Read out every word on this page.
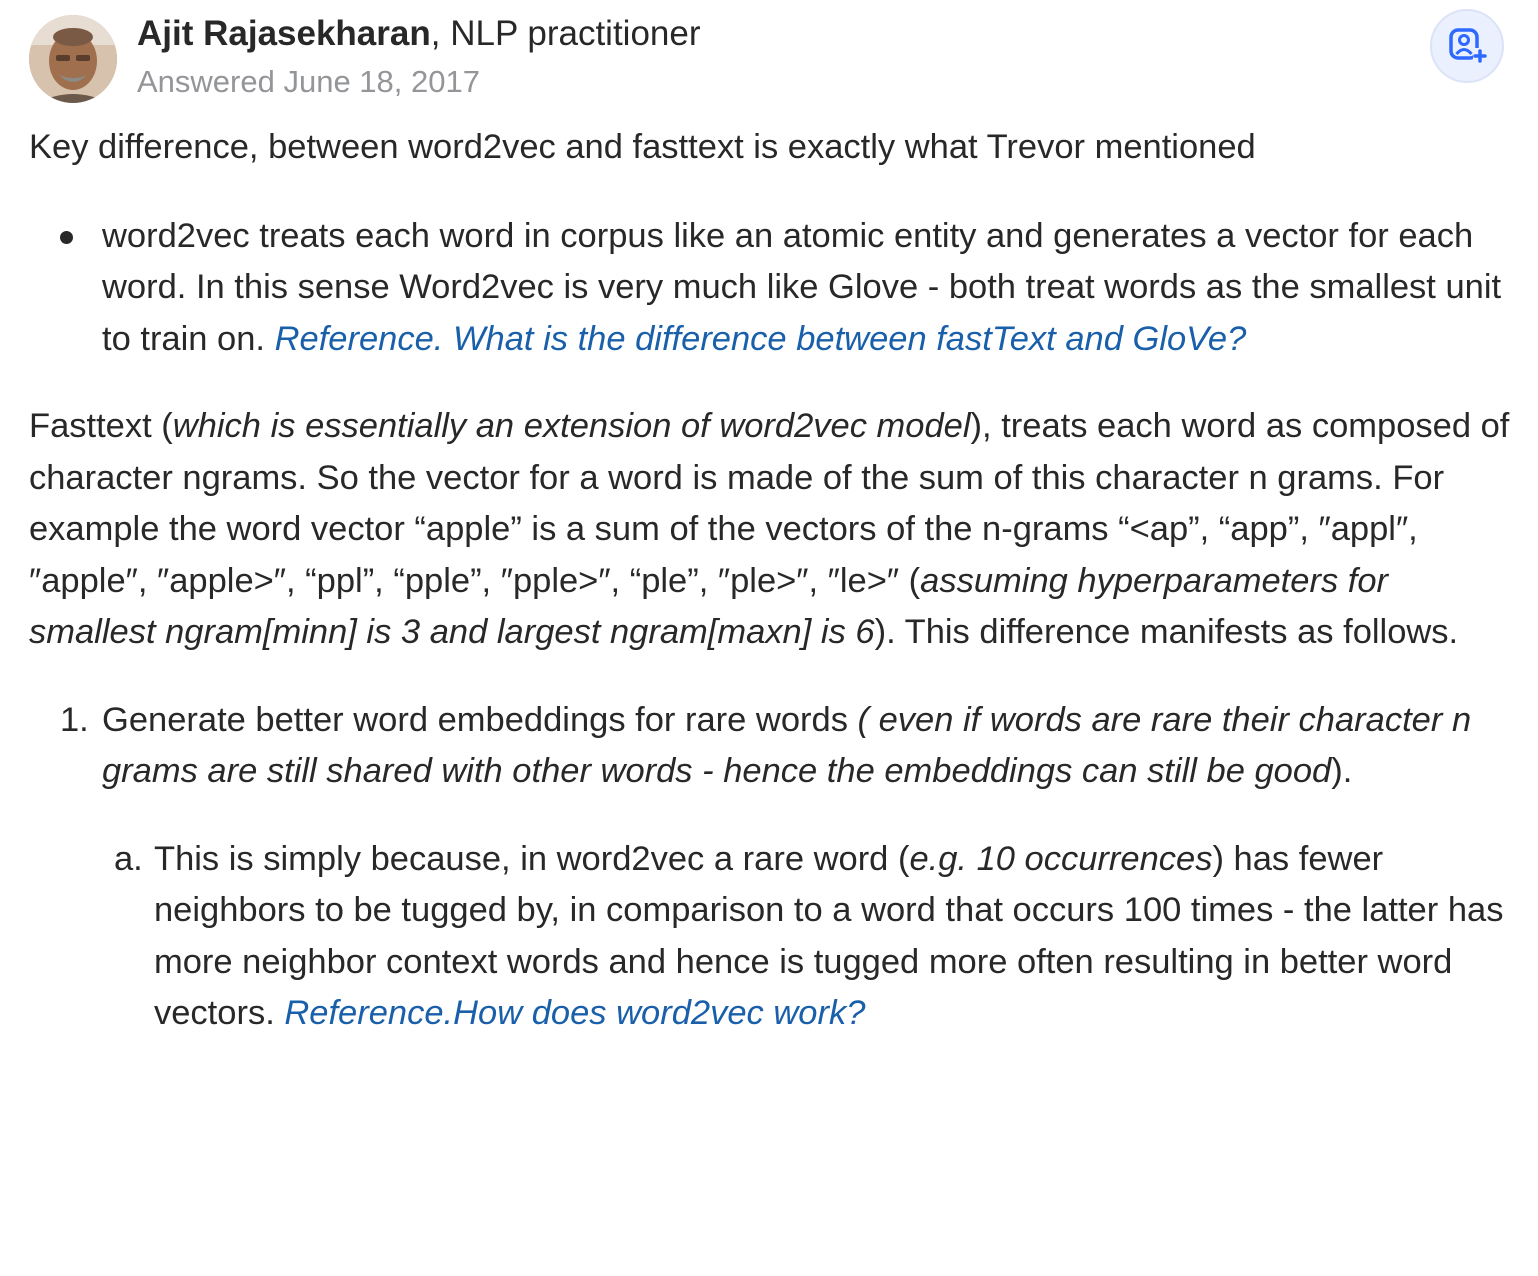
Ajit Rajasekharan, NLP practitioner
Answered June 18, 2017

Key difference, between word2vec and fasttext is exactly what Trevor mentioned

word2vec treats each word in corpus like an atomic entity and generates a vector for each word. In this sense Word2vec is very much like Glove - both treat words as the smallest unit to train on. Reference. What is the difference between fastText and GloVe?

Fasttext (which is essentially an extension of word2vec model), treats each word as composed of character ngrams. So the vector for a word is made of the sum of this character n grams. For example the word vector “apple” is a sum of the vectors of the n-grams “<ap”, “app”, ″appl″, ″apple″, ″apple>″, “ppl”, “pple”, ″pple>″, “ple”, ″ple>″, ″le>″ (assuming hyperparameters for smallest ngram[minn] is 3 and largest ngram[maxn] is 6). This difference manifests as follows.

1. Generate better word embeddings for rare words ( even if words are rare their character n grams are still shared with other words - hence the embeddings can still be good).
a. This is simply because, in word2vec a rare word (e.g. 10 occurrences) has fewer neighbors to be tugged by, in comparison to a word that occurs 100 times - the latter has more neighbor context words and hence is tugged more often resulting in better word vectors. Reference.How does word2vec work?
